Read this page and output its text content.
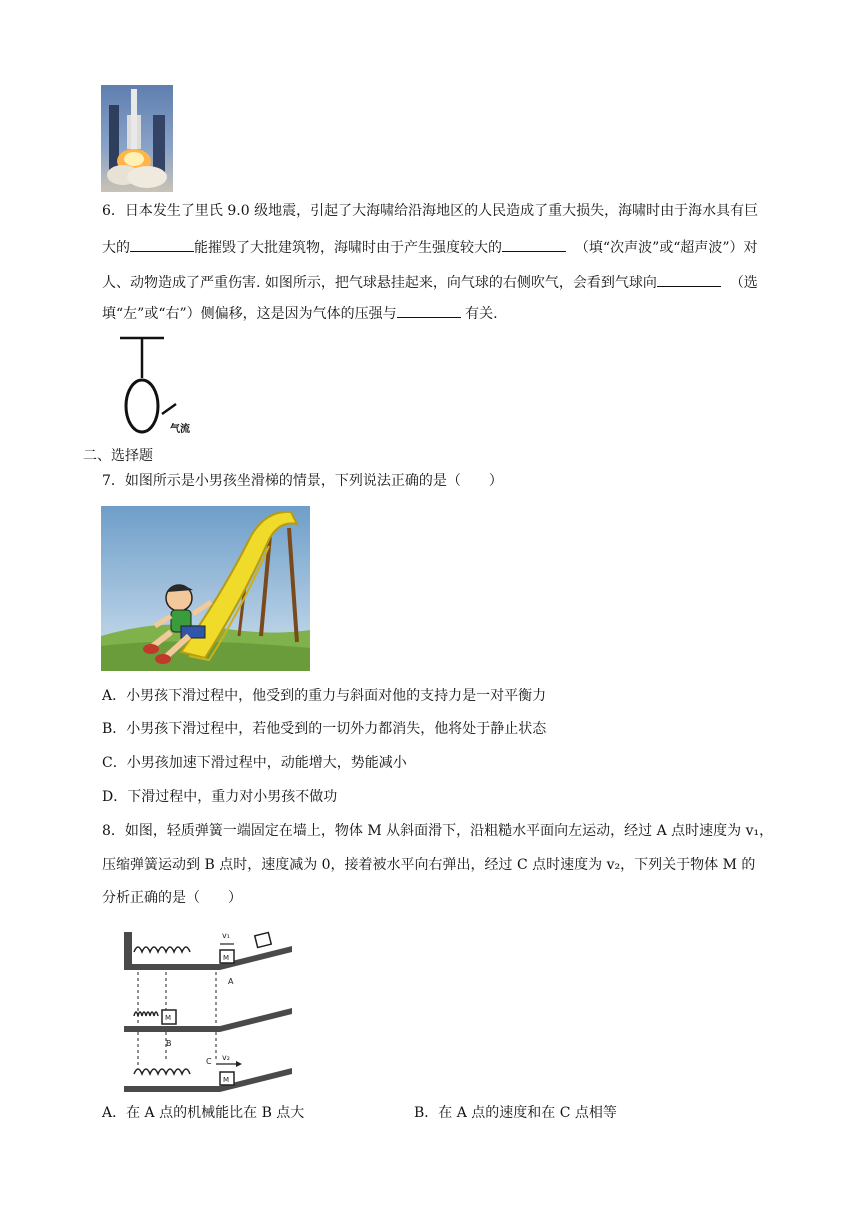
6．日本发生了里氏 9.0 级地震，引起了大海啸给沿海地区的人民造成了重大损失，海啸时由于海水具有巨
大的	能摧毁了大批建筑物，海啸时由于产生强度较大的	（填“次声波”或“超声波”）对
人、动物造成了严重伤害. 如图所示，把气球悬挂起来，向气球的右侧吹气，会看到气球向	（选
填“左”或“右”）侧偏移，这是因为气体的压强与	有关.
气流
二、选择题
7．如图所示是小男孩坐滑梯的情景，下列说法正确的是（　　）
A．小男孩下滑过程中，他受到的重力与斜面对他的支持力是一对平衡力
B．小男孩下滑过程中，若他受到的一切外力都消失，他将处于静止状态
C．小男孩加速下滑过程中，动能增大，势能减小
D．下滑过程中，重力对小男孩不做功
8．如图，轻质弹簧一端固定在墙上，物体 M 从斜面滑下，沿粗糙水平面向左运动，经过 A 点时速度为 v₁，
压缩弹簧运动到 B 点时，速度减为 0，接着被水平向右弹出，经过 C 点时速度为 v₂，下列关于物体 M 的
分析正确的是（　　）
M
v₁
A
M
B
M
v₂
C
A．在 A 点的机械能比在 B 点大	B．在 A 点的速度和在 C 点相等
